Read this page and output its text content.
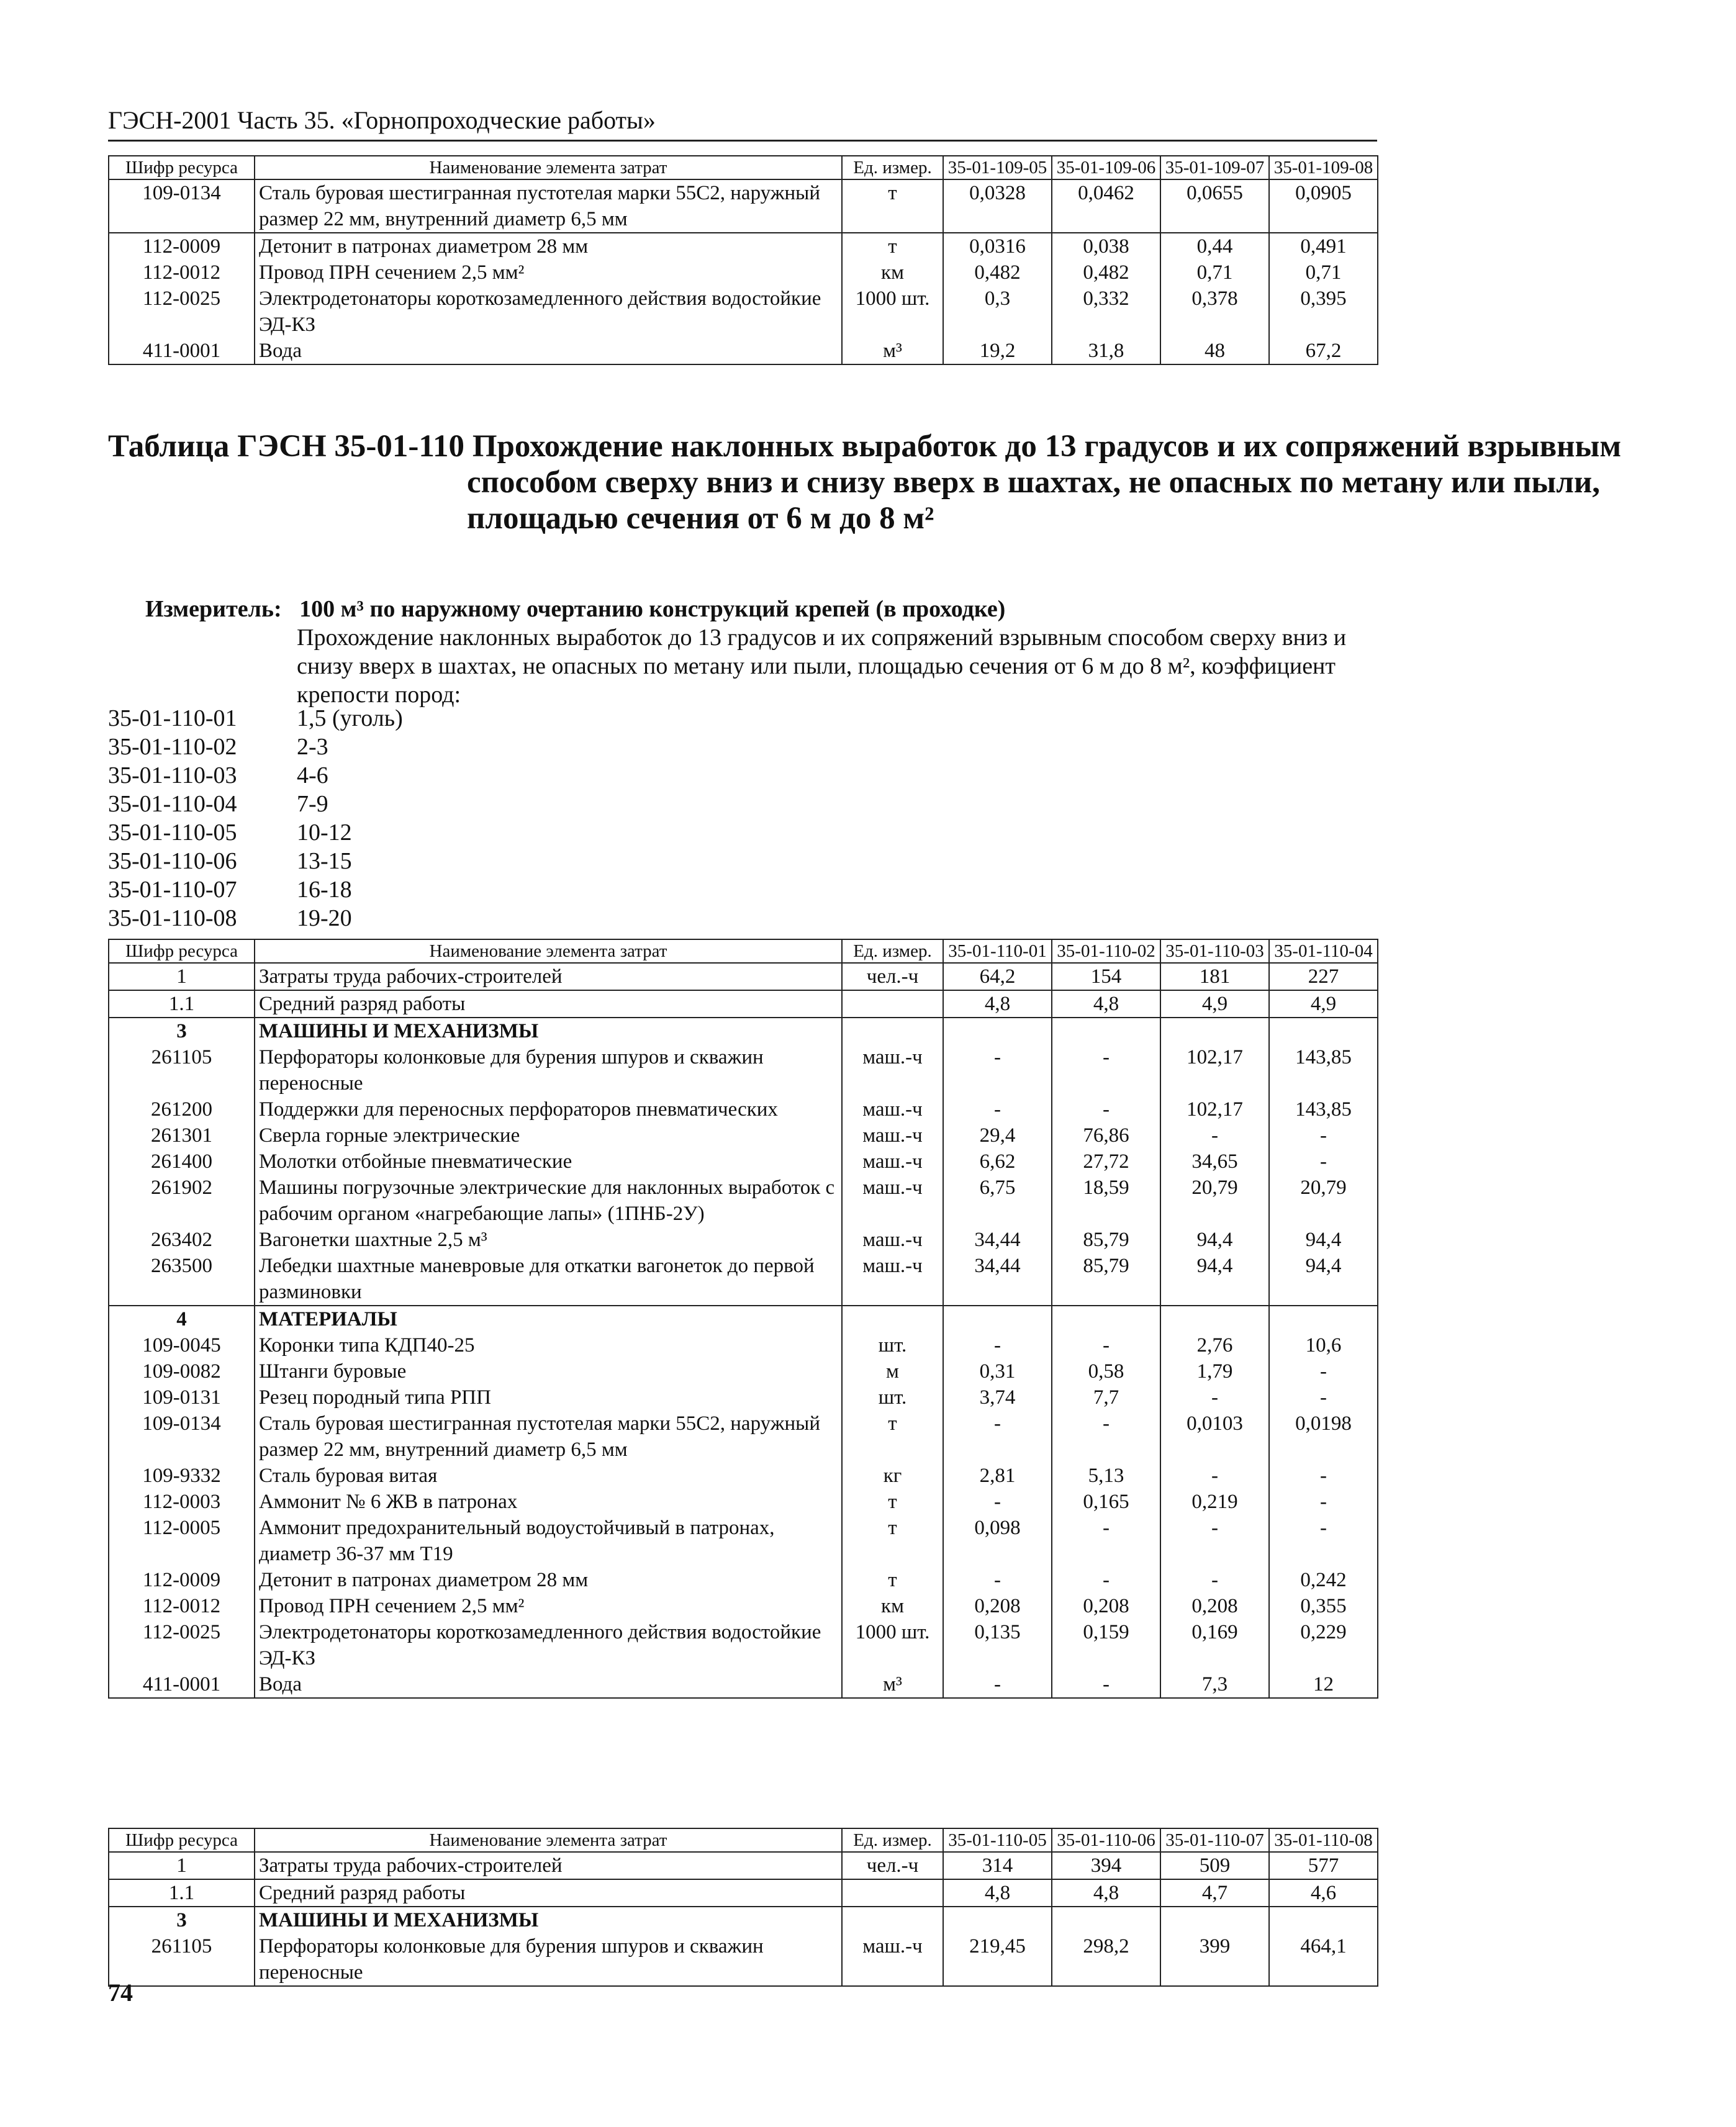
ГЭСН-2001 Часть 35. «Горнопроходческие работы»
Шифр ресурса	Наименование элемента затрат	Ед. измер.	35-01-109-05	35-01-109-06	35-01-109-07	35-01-109-08
109-0134	Сталь буровая шестигранная пустотелая марки 55С2, наружный размер 22 мм, внутренний диаметр 6,5 мм	т	0,0328	0,0462	0,0655	0,0905
112-0009	Детонит в патронах диаметром 28 мм	т	0,0316	0,038	0,44	0,491
112-0012	Провод ПРН сечением 2,5 мм²	км	0,482	0,482	0,71	0,71
112-0025	Электродетонаторы короткозамедленного действия водостойкие ЭД-КЗ	1000 шт.	0,3	0,332	0,378	0,395
411-0001	Вода	м³	19,2	31,8	48	67,2
Таблица ГЭСН 35-01-110 Прохождение наклонных выработок до 13 градусов и их сопряжений взрывным способом сверху вниз и снизу вверх в шахтах, не опасных по метану или пыли, площадью сечения от 6 м до 8 м²
Измеритель: 100 м³ по наружному очертанию конструкций крепей (в проходке)
Прохождение наклонных выработок до 13 градусов и их сопряжений взрывным способом сверху вниз и снизу вверх в шахтах, не опасных по метану или пыли, площадью сечения от 6 м до 8 м², коэффициент крепости пород:
35-01-110-01	1,5 (уголь)
35-01-110-02	2-3
35-01-110-03	4-6
35-01-110-04	7-9
35-01-110-05	10-12
35-01-110-06	13-15
35-01-110-07	16-18
35-01-110-08	19-20
Шифр ресурса	Наименование элемента затрат	Ед. измер.	35-01-110-01	35-01-110-02	35-01-110-03	35-01-110-04
1	Затраты труда рабочих-строителей	чел.-ч	64,2	154	181	227
1.1	Средний разряд работы		4,8	4,8	4,9	4,9
3	МАШИНЫ И МЕХАНИЗМЫ					
261105	Перфораторы колонковые для бурения шпуров и скважин переносные	маш.-ч	-	-	102,17	143,85
261200	Поддержки для переносных перфораторов пневматических	маш.-ч	-	-	102,17	143,85
261301	Сверла горные электрические	маш.-ч	29,4	76,86	-	-
261400	Молотки отбойные пневматические	маш.-ч	6,62	27,72	34,65	-
261902	Машины погрузочные электрические для наклонных выработок с рабочим органом «нагребающие лапы» (1ПНБ-2У)	маш.-ч	6,75	18,59	20,79	20,79
263402	Вагонетки шахтные 2,5 м³	маш.-ч	34,44	85,79	94,4	94,4
263500	Лебедки шахтные маневровые для откатки вагонеток до первой разминовки	маш.-ч	34,44	85,79	94,4	94,4
4	МАТЕРИАЛЫ					
109-0045	Коронки типа КДП40-25	шт.	-	-	2,76	10,6
109-0082	Штанги буровые	м	0,31	0,58	1,79	-
109-0131	Резец породный типа РПП	шт.	3,74	7,7	-	-
109-0134	Сталь буровая шестигранная пустотелая марки 55С2, наружный размер 22 мм, внутренний диаметр 6,5 мм	т	-	-	0,0103	0,0198
109-9332	Сталь буровая витая	кг	2,81	5,13	-	-
112-0003	Аммонит № 6 ЖВ в патронах	т	-	0,165	0,219	-
112-0005	Аммонит предохранительный водоустойчивый в патронах, диаметр 36-37 мм Т19	т	0,098	-	-	-
112-0009	Детонит в патронах диаметром 28 мм	т	-	-	-	0,242
112-0012	Провод ПРН сечением 2,5 мм²	км	0,208	0,208	0,208	0,355
112-0025	Электродетонаторы короткозамедленного действия водостойкие ЭД-КЗ	1000 шт.	0,135	0,159	0,169	0,229
411-0001	Вода	м³	-	-	7,3	12
Шифр ресурса	Наименование элемента затрат	Ед. измер.	35-01-110-05	35-01-110-06	35-01-110-07	35-01-110-08
1	Затраты труда рабочих-строителей	чел.-ч	314	394	509	577
1.1	Средний разряд работы		4,8	4,8	4,7	4,6
3	МАШИНЫ И МЕХАНИЗМЫ					
261105	Перфораторы колонковые для бурения шпуров и скважин переносные	маш.-ч	219,45	298,2	399	464,1
74
